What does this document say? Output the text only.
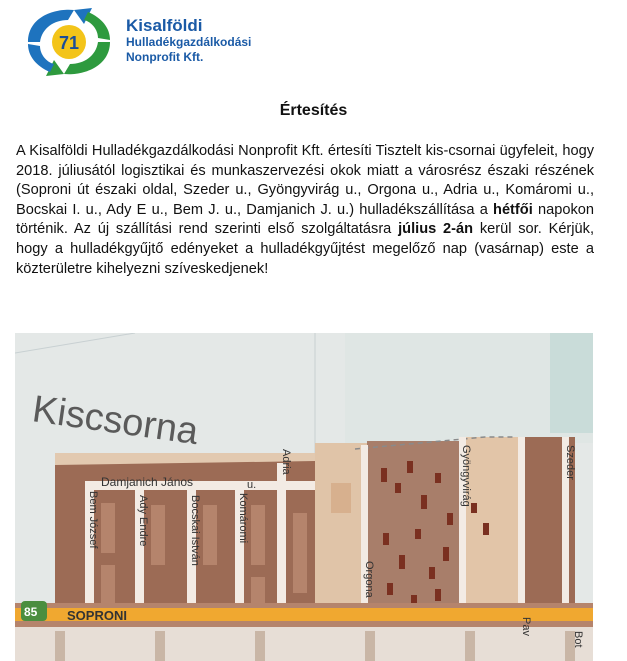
71
Kisalföldi
Hulladékgazdálkodási
Nonprofit Kft.
Értesítés
A Kisalföldi Hulladékgazdálkodási Nonprofit Kft. értesíti Tisztelt kis-csornai ügyfeleit, hogy 2018. júliusától logisztikai és munkaszervezési okok miatt a városrész északi részének (Soproni út északi oldal, Szeder u., Gyöngyvirág u., Orgona u., Adria u., Komáromi u., Bocskai I. u., Ady E u., Bem J. u., Damjanich J. u.) hulladékszállítása a hétfői napokon történik. Az új szállítási rend szerinti első szolgáltatásra július 2-án kerül sor. Kérjük, hogy a hulladékgyűjtő edényeket a hulladékgyűjtést megelőző nap (vasárnap) este a közterületre kihelyezni szíveskedjenek!
Kiscsorna
Damjanich János	u.
Bem József	Ady Endre	Bocskai István	Komáromi
Adria
Orgona
Gyöngyvirág	Szeder
Pav
Bot
SOPRONI
85
